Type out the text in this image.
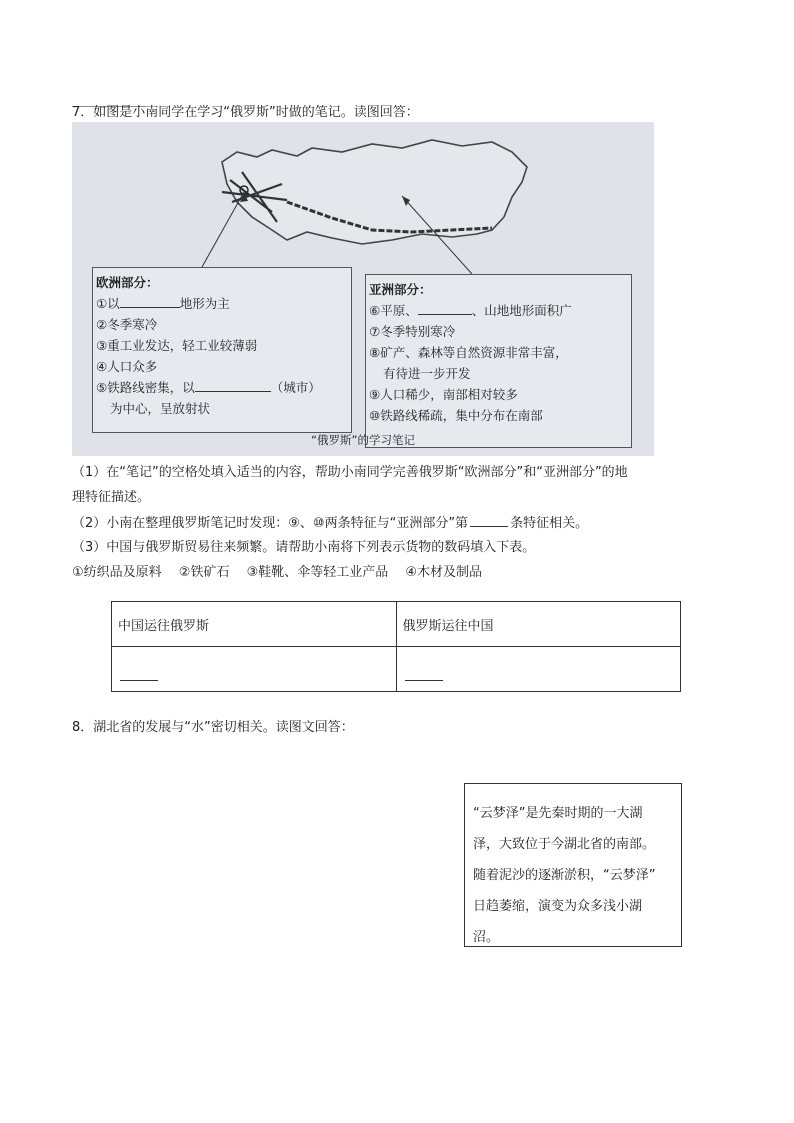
7．如图是小南同学在学习“俄罗斯”时做的笔记。读图回答：
欧洲部分：
①以	地形为主
②冬季寒冷
③重工业发达，轻工业较薄弱
④人口众多
⑤铁路线密集，以	（城市）
为中心，呈放射状
亚洲部分：
⑥平原、	、山地地形面积广
⑦冬季特别寒冷
⑧矿产、森林等自然资源非常丰富，
有待进一步开发
⑨人口稀少，南部相对较多
⑩铁路线稀疏，集中分布在南部
“俄罗斯”的学习笔记
（1）在“笔记”的空格处填入适当的内容，帮助小南同学完善俄罗斯“欧洲部分”和“亚洲部分”的地
理特征描述。
（2）小南在整理俄罗斯笔记时发现：⑨、⑩两条特征与“亚洲部分”第	条特征相关。
（3）中国与俄罗斯贸易往来频繁。请帮助小南将下列表示货物的数码填入下表。
①纺织品及原料　 ②铁矿石　 ③鞋靴、伞等轻工业产品　 ④木材及制品
中国运往俄罗斯	俄罗斯运往中国

8．湖北省的发展与“水”密切相关。读图文回答：
“云梦泽”是先秦时期的一大湖
泽，大致位于今湖北省的南部。
随着泥沙的逐渐淤积，“云梦泽”
日趋萎缩，演变为众多浅小湖
沼。
